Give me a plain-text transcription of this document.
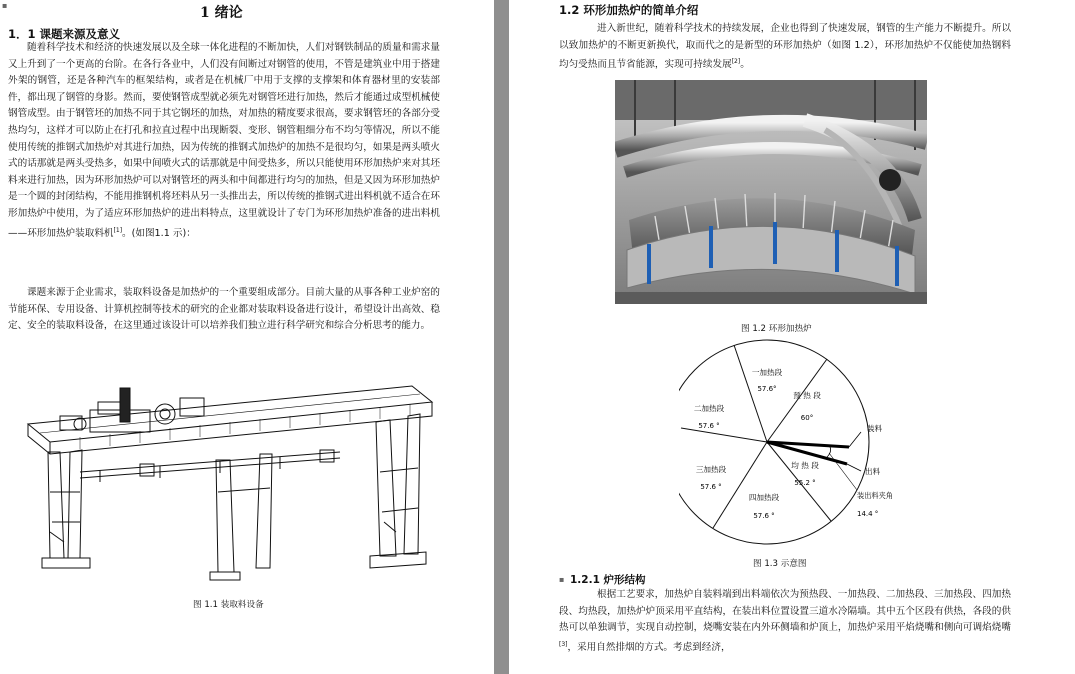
▪	1 绪论
1．1 课题来源及意义

随着科学技术和经济的快速发展以及全球一体化进程的不断加快，人们对钢铁制品的质量和需求量又上升到了一个更高的台阶。在各行各业中，人们没有间断过对钢管的使用，不管是建筑业中用于搭建外架的钢管，还是各种汽车的框架结构，或者是在机械厂中用于支撑的支撑架和体育器材里的安装部件，都出现了钢管的身影。然而，要使钢管成型就必须先对钢管坯进行加热，然后才能通过成型机械使钢管成型。由于钢管坯的加热不同于其它钢坯的加热，对加热的精度要求很高，要求钢管坯的各部分受热均匀，这样才可以防止在打孔和拉直过程中出现断裂、变形、钢管粗细分布不均匀等情况，所以不能使用传统的推钢式加热炉对其进行加热，因为传统的推钢式加热炉的加热不是很均匀，如果是两头喷火式的话那就是两头受热多，如果中间喷火式的话那就是中间受热多，所以只能使用环形加热炉来对其坯料来进行加热，因为环形加热炉可以对钢管坯的两头和中间都进行均匀的加热，但是又因为环形加热炉是一个圆的封闭结构，不能用推钢机将坯料从另一头推出去，所以传统的推钢式进出料机就不适合在环形加热炉中使用，为了适应环形加热炉的进出料特点，这里就设计了专门为环形加热炉准备的进出料机——环形加热炉装取料机[1]。(如图1.1 示)：

课题来源于企业需求，装取料设备是加热炉的一个重要组成部分。目前大量的从事各种工业炉窑的节能环保、专用设备、计算机控制等技术的研究的企业都对装取料设备进行设计，希望设计出高效、稳定、安全的装取料设备，在这里通过该设计可以培养我们独立进行科学研究和综合分析思考的能力。

图 1.1 装取料设备
1.2 环形加热炉的简单介绍

进入新世纪，随着科学技术的持续发展，企业也得到了快速发展，钢管的生产能力不断提升。所以以致加热炉的不断更新换代，取而代之的是新型的环形加热炉（如图 1.2），环形加热炉不仅能使加热钢料均匀受热而且节省能源，实现可持续发展[2]。

图 1.2 环形加热炉
一加热段
57.6°
预 热 段
60°
均 热 段
55.2 °
四加热段
57.6 °
三加热段
57.6 °
二加热段
57.6 °	装料
出料
装出料夹角
14.4 °
图 1.3 示意图
▪ 1.2.1 炉形结构

根据工艺要求，加热炉自装料端到出料端依次为预热段、一加热段、二加热段、三加热段、四加热段、均热段，加热炉炉顶采用平直结构，在装出料位置设置三道水冷隔墙。其中五个区段有供热，各段的供热可以单独调节，实现自动控制，烧嘴安装在内外环侧墙和炉顶上，加热炉采用平焰烧嘴和侧向可调焰烧嘴[3]，采用自然排烟的方式。考虑到经济，
